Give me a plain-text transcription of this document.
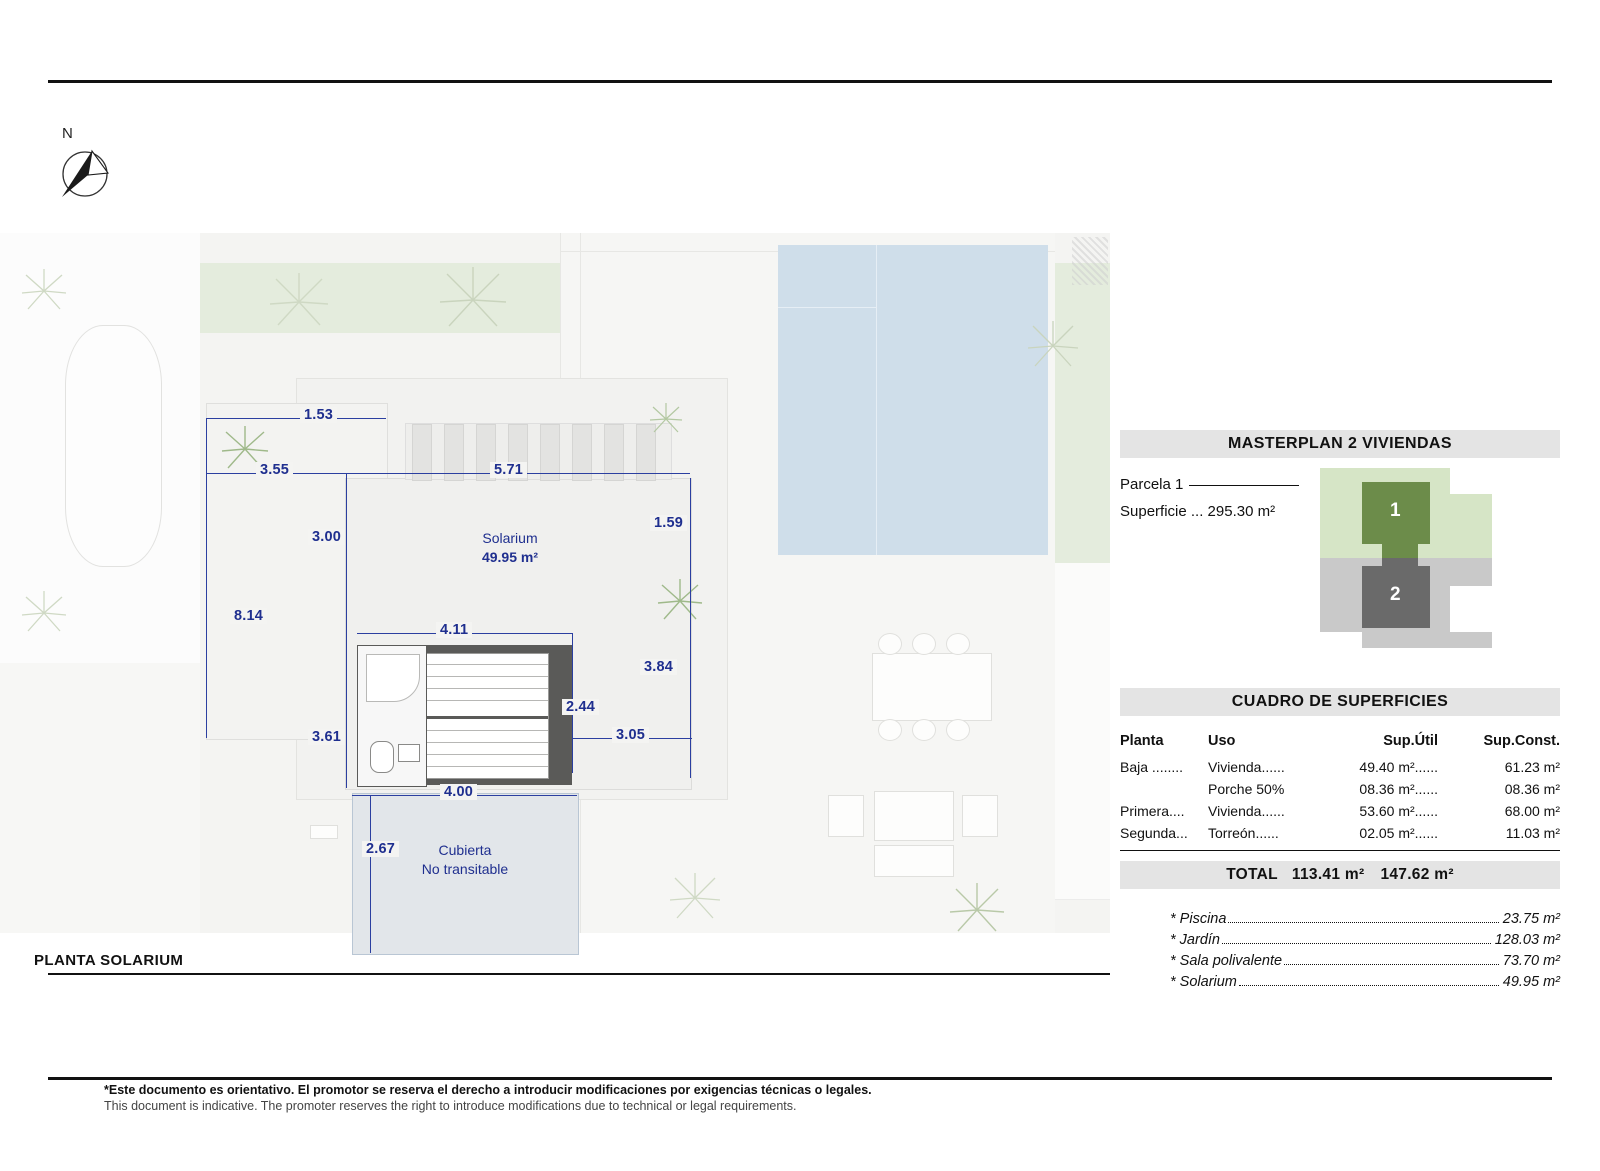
N
1.53
3.55	5.71
1.59
3.00
8.14
4.11
3.84
2.44
3.61	3.05
4.00
2.67
Solarium
49.95 m²
Cubierta
No transitable
PLANTA SOLARIUM
MASTERPLAN 2 VIVIENDAS
Parcela 1
Superficie ... 295.30 m²	1
2
CUADRO DE SUPERFICIES
Planta	Uso	Sup.Útil	Sup.Const.
Baja ........	Vivienda......	49.40 m²......	61.23 m²
	Porche 50%	08.36 m²......	08.36 m²
Primera....	Vivienda......	53.60 m²......	68.00 m²
Segunda...	Torreón......	02.05 m²......	11.03 m²
TOTAL 113.41 m² 147.62 m²
* Piscina	23.75 m²
* Jardín	128.03 m²
* Sala polivalente	73.70 m²
* Solarium	49.95 m²
*Este documento es orientativo. El promotor se reserva el derecho a introducir modificaciones por exigencias técnicas o legales.
This document is indicative. The promoter reserves the right to introduce modifications due to technical or legal requirements.
